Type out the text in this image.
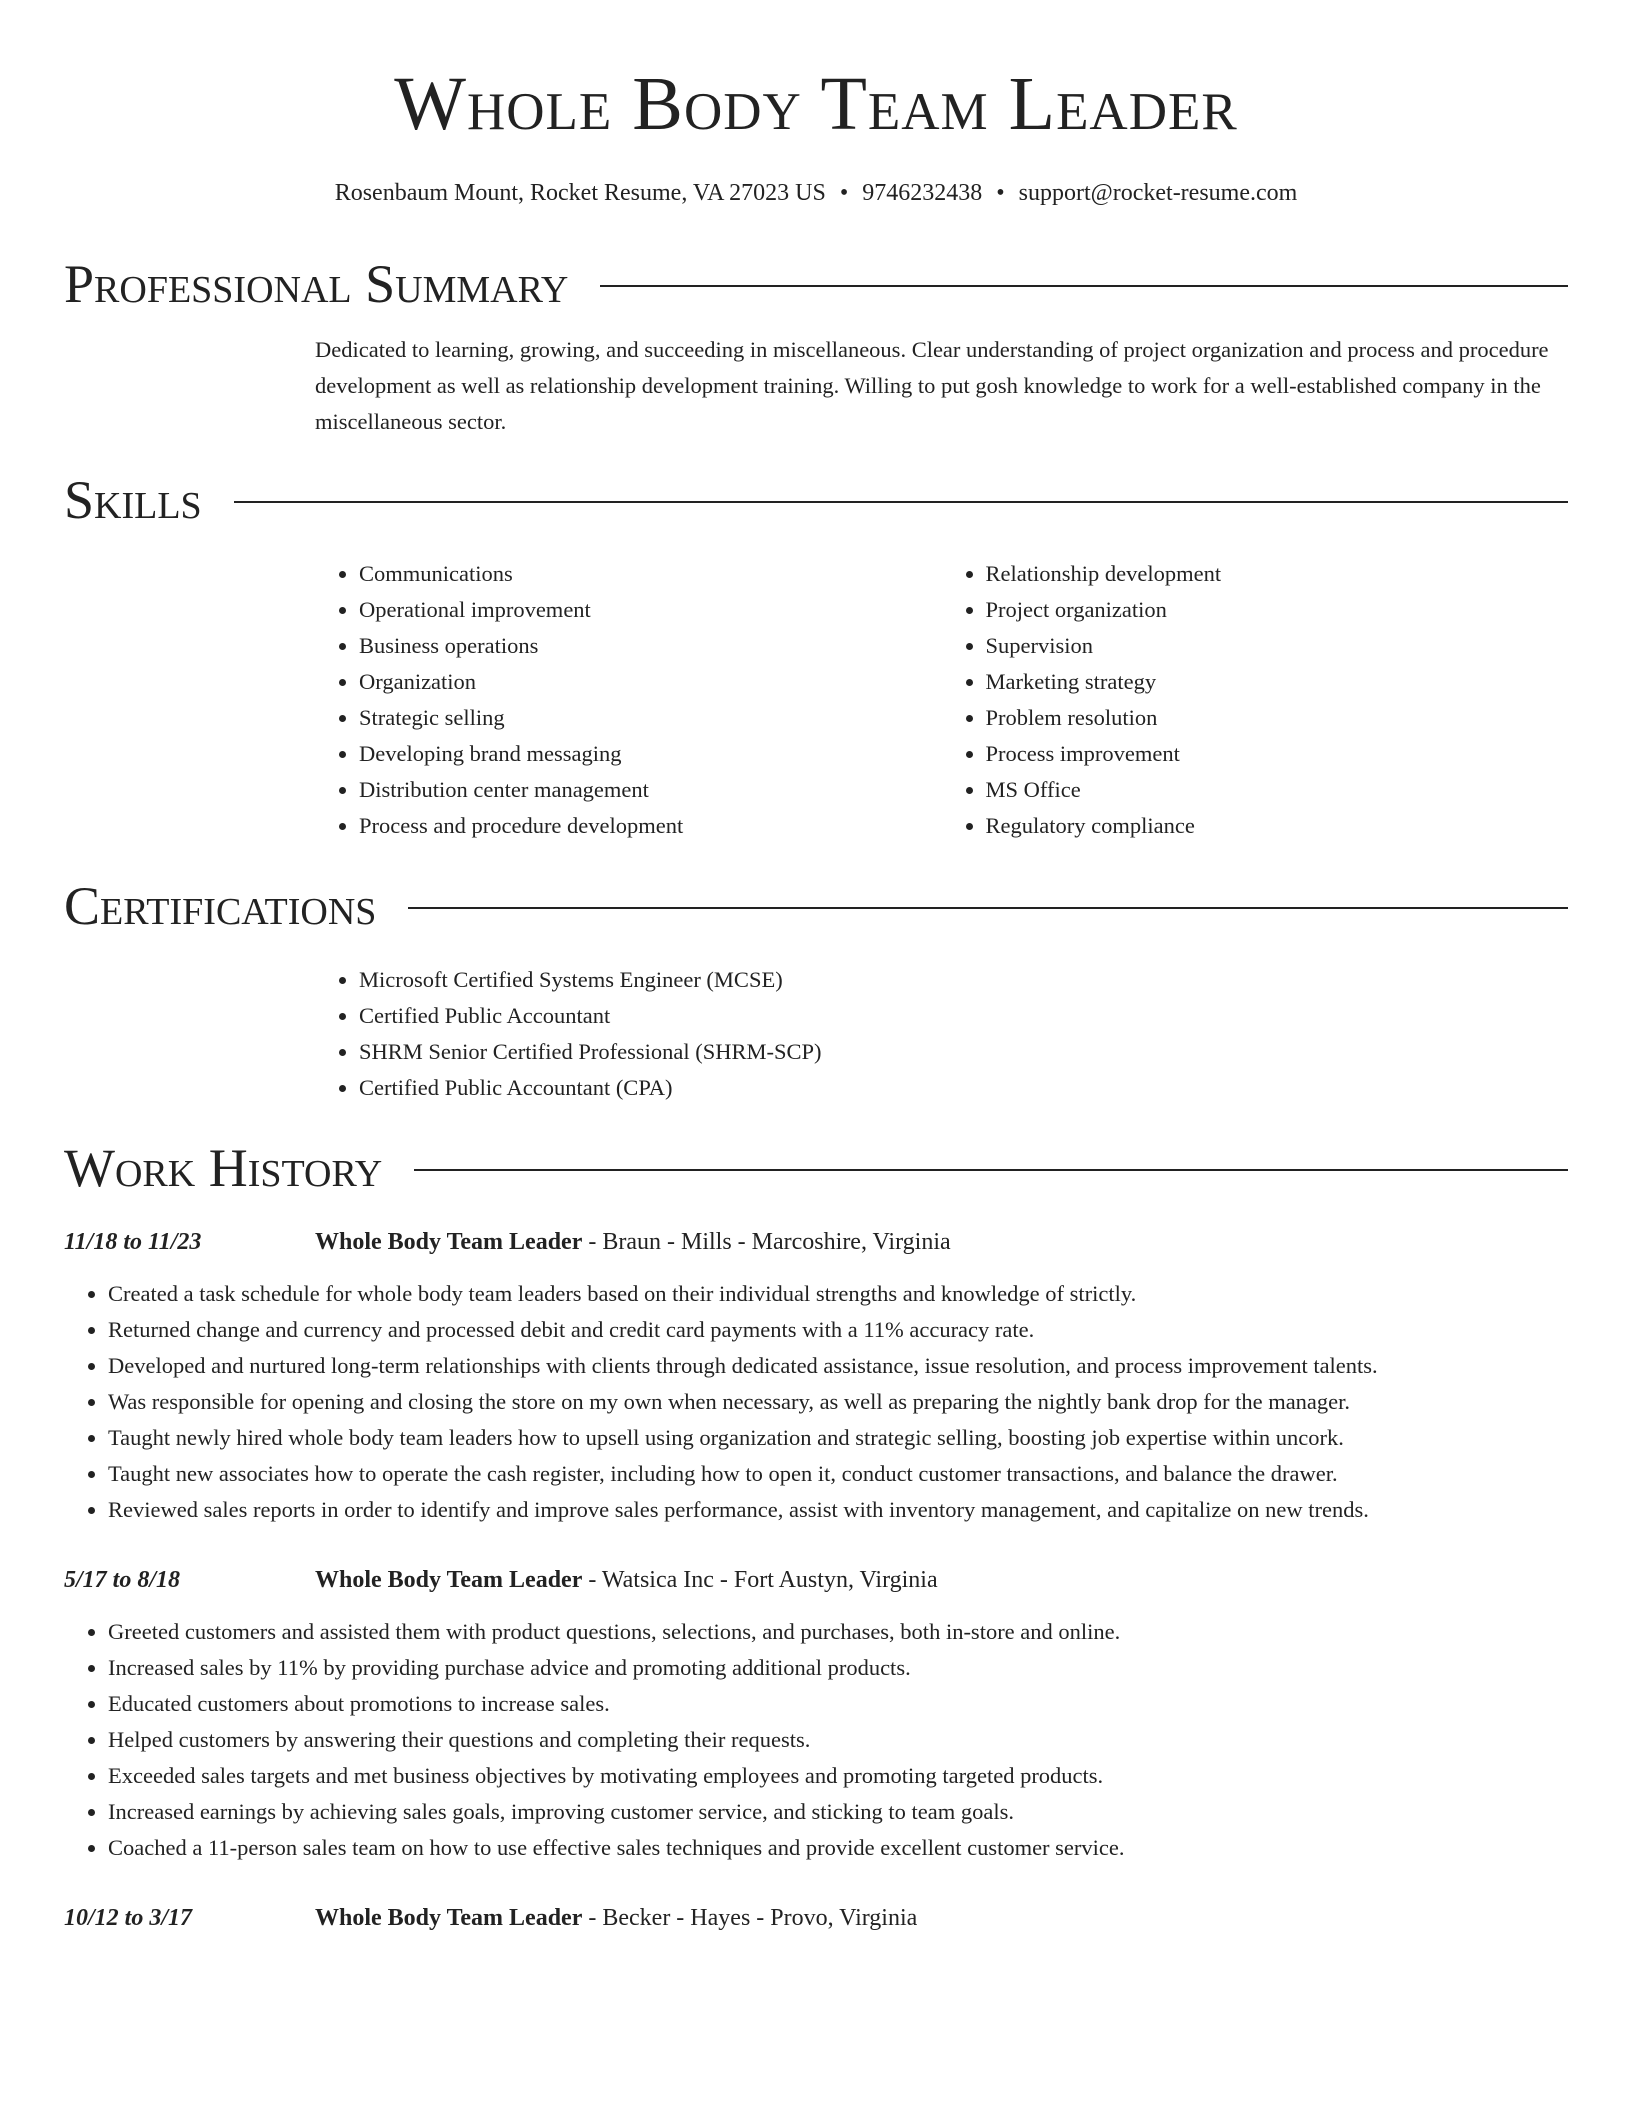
Whole Body Team Leader
Rosenbaum Mount, Rocket Resume, VA 27023 US • 9746232438 • support@rocket-resume.com
Professional Summary
Dedicated to learning, growing, and succeeding in miscellaneous. Clear understanding of project organization and process and procedure development as well as relationship development training. Willing to put gosh knowledge to work for a well-established company in the miscellaneous sector.
Skills
• Communications
• Operational improvement
• Business operations
• Organization
• Strategic selling
• Developing brand messaging
• Distribution center management
• Process and procedure development
• Relationship development
• Project organization
• Supervision
• Marketing strategy
• Problem resolution
• Process improvement
• MS Office
• Regulatory compliance
Certifications
• Microsoft Certified Systems Engineer (MCSE)
• Certified Public Accountant
• SHRM Senior Certified Professional (SHRM-SCP)
• Certified Public Accountant (CPA)
Work History
11/18 to 11/23	Whole Body Team Leader - Braun - Mills - Marcoshire, Virginia
• Created a task schedule for whole body team leaders based on their individual strengths and knowledge of strictly.
• Returned change and currency and processed debit and credit card payments with a 11% accuracy rate.
• Developed and nurtured long-term relationships with clients through dedicated assistance, issue resolution, and process improvement talents.
• Was responsible for opening and closing the store on my own when necessary, as well as preparing the nightly bank drop for the manager.
• Taught newly hired whole body team leaders how to upsell using organization and strategic selling, boosting job expertise within uncork.
• Taught new associates how to operate the cash register, including how to open it, conduct customer transactions, and balance the drawer.
• Reviewed sales reports in order to identify and improve sales performance, assist with inventory management, and capitalize on new trends.
5/17 to 8/18	Whole Body Team Leader - Watsica Inc - Fort Austyn, Virginia
• Greeted customers and assisted them with product questions, selections, and purchases, both in-store and online.
• Increased sales by 11% by providing purchase advice and promoting additional products.
• Educated customers about promotions to increase sales.
• Helped customers by answering their questions and completing their requests.
• Exceeded sales targets and met business objectives by motivating employees and promoting targeted products.
• Increased earnings by achieving sales goals, improving customer service, and sticking to team goals.
• Coached a 11-person sales team on how to use effective sales techniques and provide excellent customer service.
10/12 to 3/17	Whole Body Team Leader - Becker - Hayes - Provo, Virginia
